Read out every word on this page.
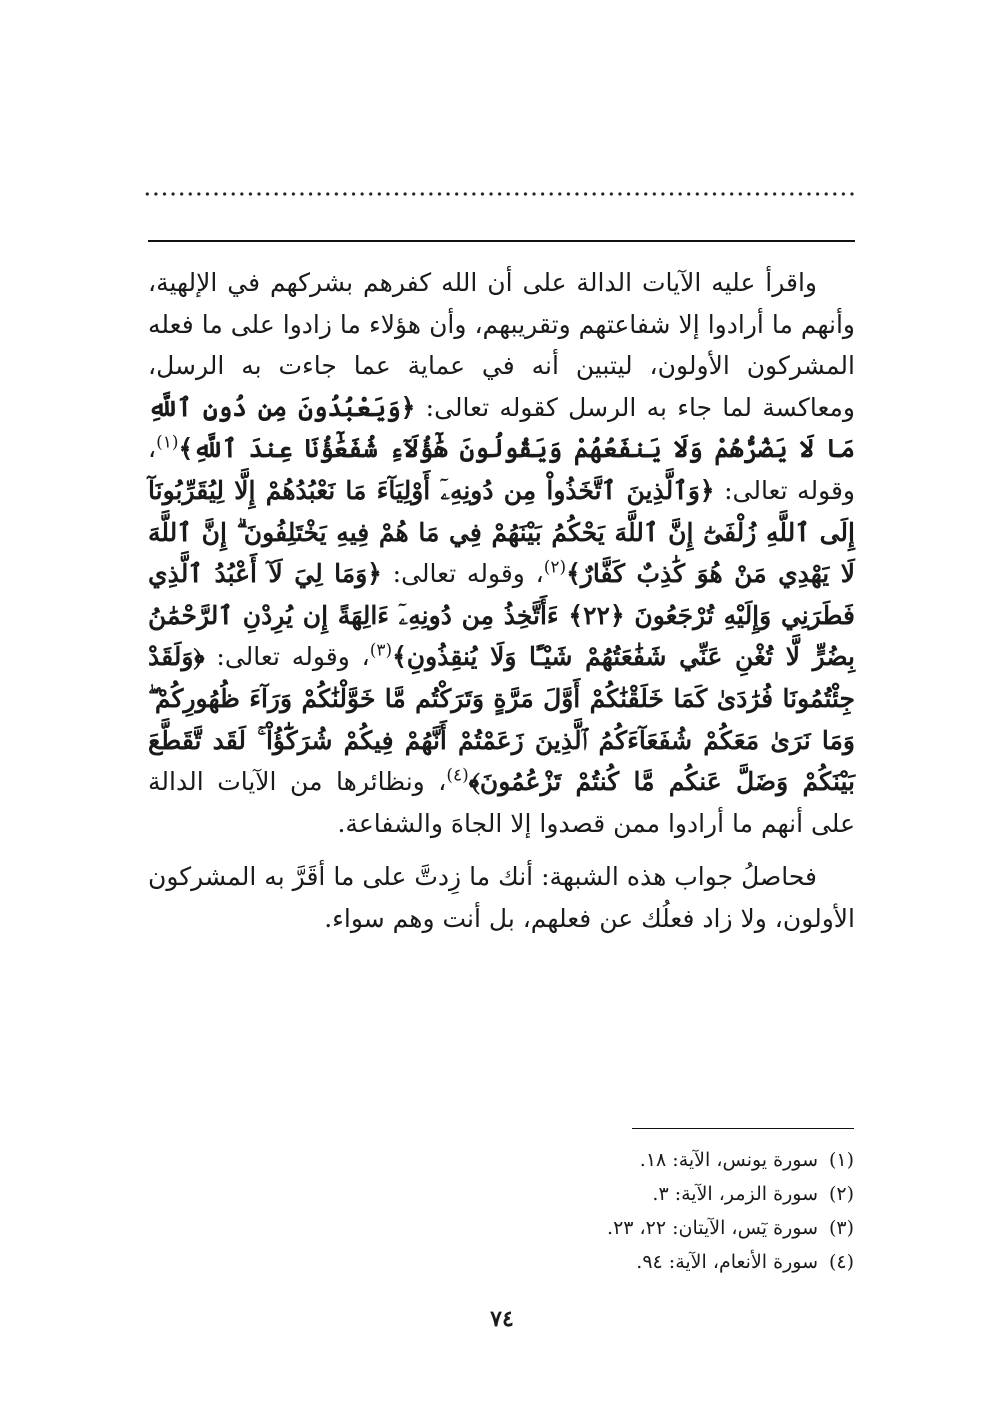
واقرأ عليه الآيات الدالة على أن الله كفرهم بشركهم في الإلهية، وأنهم ما أرادوا إلا شفاعتهم وتقريبهم، وأن هؤلاء ما زادوا على ما فعله المشركون الأولون، ليتبين أنه في عماية عما جاءت به الرسل، ومعاكسة لما جاء به الرسل كقوله تعالى: ﴿وَيَعْبُدُونَ مِن دُونِ ٱللَّهِ مَا لَا يَضُرُّهُمْ وَلَا يَنفَعُهُمْ وَيَقُولُونَ هَٰٓؤُلَآءِ شُفَعَٰٓؤُنَا عِندَ ٱللَّهِ﴾$^{(١)}$، وقوله تعالى: ﴿وَٱلَّذِينَ ٱتَّخَذُواْ مِن دُونِهِۦٓ أَوْلِيَآءَ مَا نَعْبُدُهُمْ إِلَّا لِيُقَرِّبُونَآ إِلَى ٱللَّهِ زُلْفَىٰٓ إِنَّ ٱللَّهَ يَحْكُمُ بَيْنَهُمْ فِي مَا هُمْ فِيهِ يَخْتَلِفُونَ ۗ إِنَّ ٱللَّهَ لَا يَهْدِي مَنْ هُوَ كَٰذِبٌ كَفَّارٌ﴾$^{(٢)}$، وقوله تعالى: ﴿وَمَا لِيَ لَآ أَعْبُدُ ٱلَّذِي فَطَرَنِي وَإِلَيْهِ تُرْجَعُونَ ﴿٢٢﴾ ءَأَتَّخِذُ مِن دُونِهِۦٓ ءَالِهَةً إِن يُرِدْنِ ٱلرَّحْمَٰنُ بِضُرٍّ لَّا تُغْنِ عَنِّي شَفَٰعَتُهُمْ شَيْـًٔا وَلَا يُنقِذُونِ﴾$^{(٣)}$، وقوله تعالى: ﴿وَلَقَدْ جِئْتُمُونَا فُرَٰدَىٰ كَمَا خَلَقْنَٰكُمْ أَوَّلَ مَرَّةٍ وَتَرَكْتُم مَّا خَوَّلْنَٰكُمْ وَرَآءَ ظُهُورِكُمْ ۖ وَمَا نَرَىٰ مَعَكُمْ شُفَعَآءَكُمُ ٱلَّذِينَ زَعَمْتُمْ أَنَّهُمْ فِيكُمْ شُرَكَٰٓؤُاْ ۚ لَقَد تَّقَطَّعَ بَيْنَكُمْ وَضَلَّ عَنكُم مَّا كُنتُمْ تَزْعُمُونَ﴾$^{(٤)}$، ونظائرها من الآيات الدالة على أنهم ما أرادوا ممن قصدوا إلا الجاهَ والشفاعة.

فحاصلُ جواب هذه الشبهة: أنك ما زِدتَّ على ما أقَرَّ به المشركون الأولون، ولا زاد فعلُك عن فعلهم، بل أنت وهم سواء.

(١)سورة يونس، الآية: ١٨.
(٢)سورة الزمر، الآية: ٣.
(٣)سورة يٓس، الآيتان: ٢٢، ٢٣.
(٤)سورة الأنعام، الآية: ٩٤.
٧٤
